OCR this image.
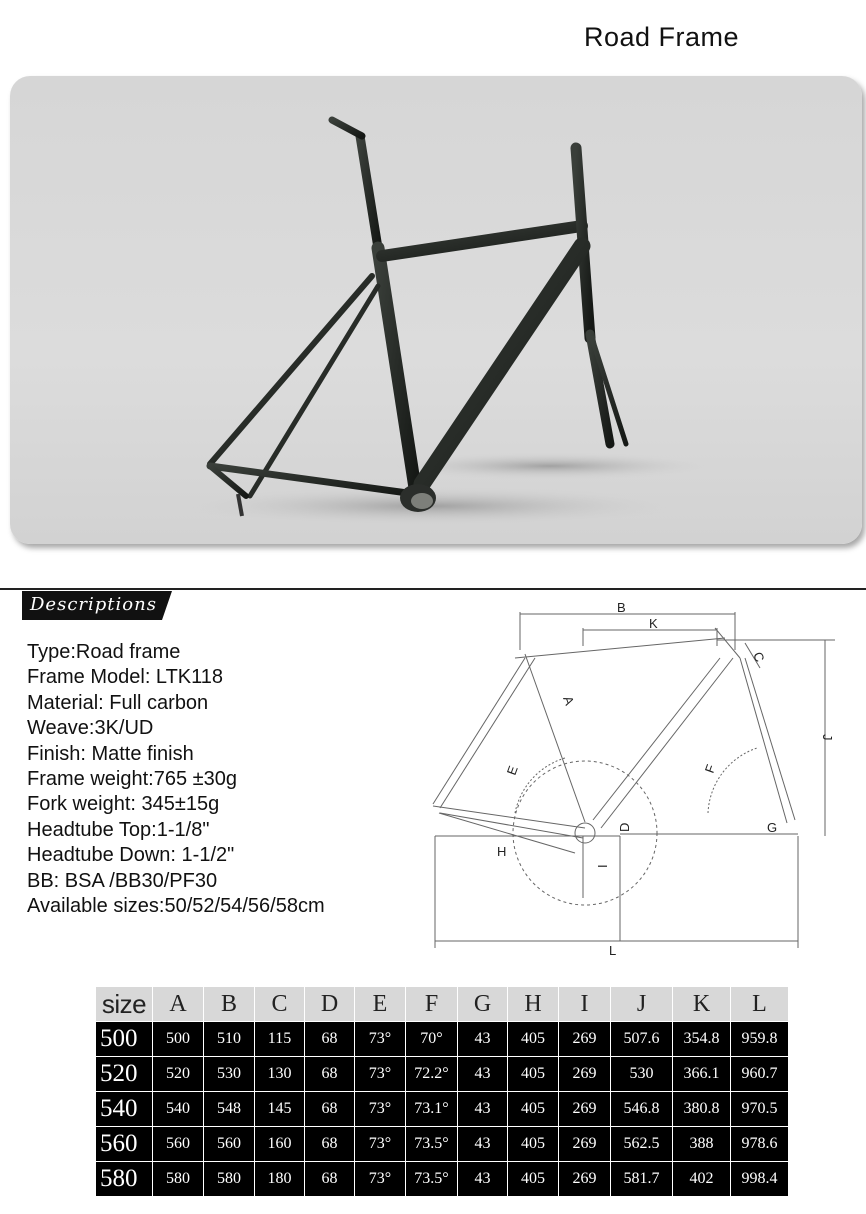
Road Frame
Descriptions
Type:Road frame
Frame Model: LTK118
Material: Full carbon
Weave:3K/UD
Finish: Matte finish
Frame weight:765 ±30g
Fork weight: 345±15g
Headtube Top:1-1/8"
Headtube Down: 1-1/2"
BB: BSA /BB30/PF30
Available sizes:50/52/54/56/58cm
B
K
C
A
J
E	F
D	G
H
I
L
size	A	B	C	D	E	F	G	H	I	J	K	L
500	500	510	115	68	73°	70°	43	405	269	507.6	354.8	959.8
520	520	530	130	68	73°	72.2°	43	405	269	530	366.1	960.7
540	540	548	145	68	73°	73.1°	43	405	269	546.8	380.8	970.5
560	560	560	160	68	73°	73.5°	43	405	269	562.5	388	978.6
580	580	580	180	68	73°	73.5°	43	405	269	581.7	402	998.4
